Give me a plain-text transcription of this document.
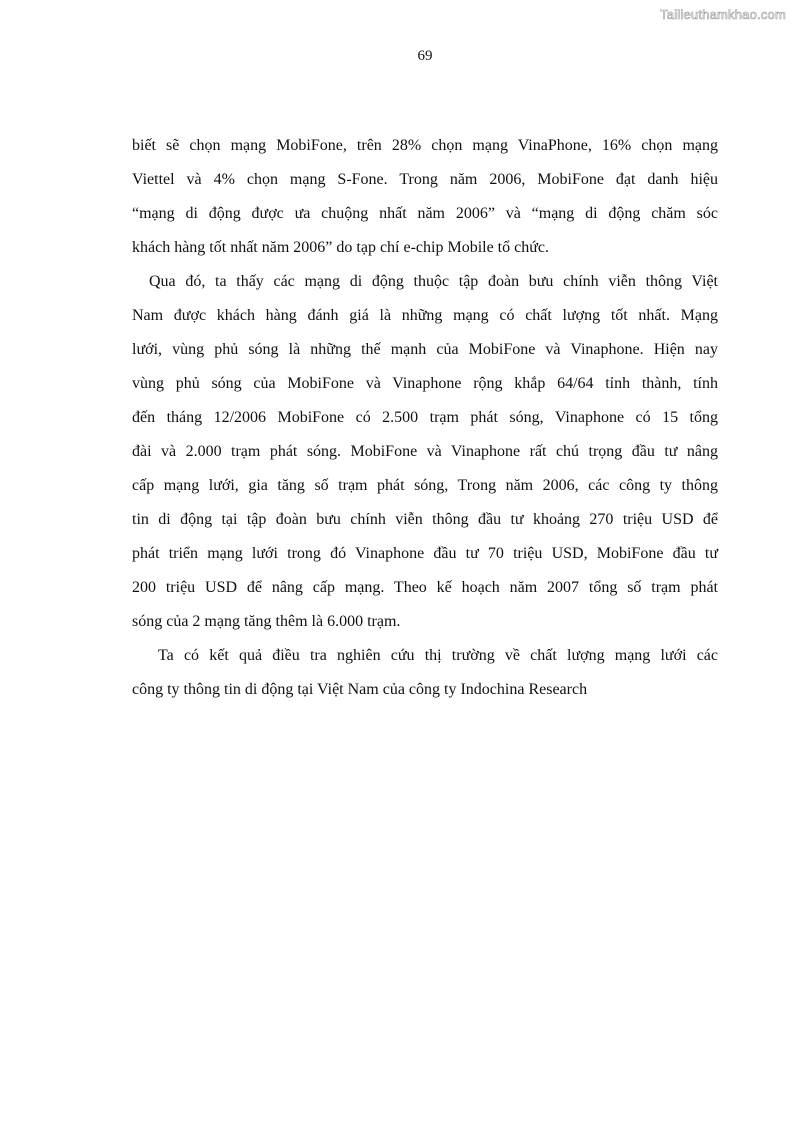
Tailieuthamkhao.com
69
biết sẽ chọn mạng MobiFone, trên 28% chọn mạng VinaPhone, 16% chọn mạng
Viettel và 4% chọn mạng S-Fone. Trong năm 2006, MobiFone đạt danh hiệu
“mạng di động được ưa chuộng nhất năm 2006” và “mạng di động chăm sóc
khách hàng tốt nhất năm 2006” do tạp chí e-chip Mobile tổ chức.
Qua đó, ta thấy các mạng di động thuộc tập đoàn bưu chính viễn thông Việt
Nam được khách hàng đánh giá là những mạng có chất lượng tốt nhất. Mạng
lưới, vùng phủ sóng là những thế mạnh của MobiFone và Vinaphone. Hiện nay
vùng phủ sóng của MobiFone và Vinaphone rộng khắp 64/64 tỉnh thành, tính
đến tháng 12/2006 MobiFone có 2.500 trạm phát sóng, Vinaphone có 15 tổng
đài và 2.000 trạm phát sóng. MobiFone và Vinaphone rất chú trọng đầu tư nâng
cấp mạng lưới, gia tăng số trạm phát sóng, Trong năm 2006, các công ty thông
tin di động tại tập đoàn bưu chính viễn thông đầu tư khoảng 270 triệu USD để
phát triển mạng lưới trong đó Vinaphone đầu tư 70 triệu USD, MobiFone đầu tư
200 triệu USD để nâng cấp mạng. Theo kế hoạch năm 2007 tổng số trạm phát
sóng của 2 mạng tăng thêm là 6.000 trạm.
Ta có kết quả điều tra nghiên cứu thị trường về chất lượng mạng lưới các
công ty thông tin di động tại Việt Nam của công ty Indochina Research
